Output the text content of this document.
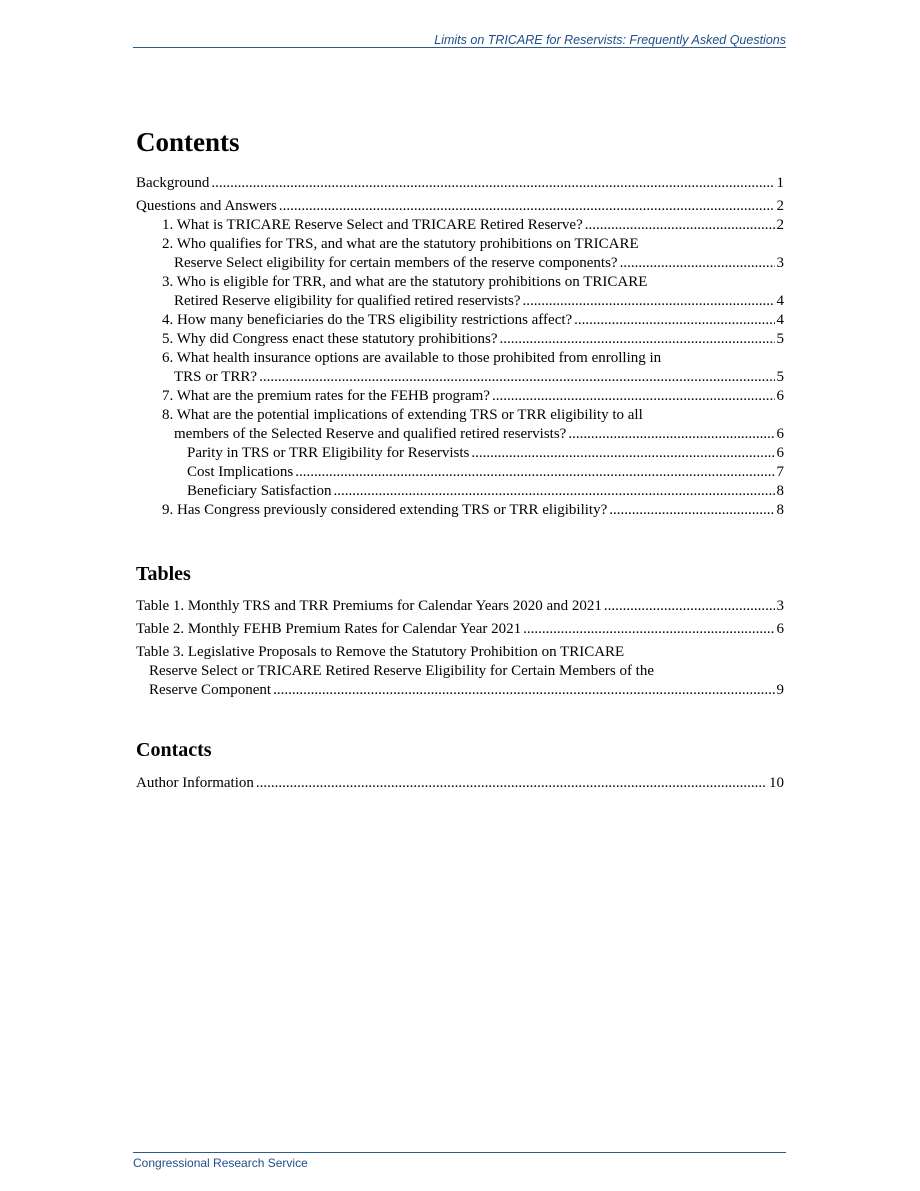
Limits on TRICARE for Reservists: Frequently Asked Questions
Contents
Background .....	1
Questions and Answers .....	2
1. What is TRICARE Reserve Select and TRICARE Retired Reserve? .....	2
2. Who qualifies for TRS, and what are the statutory prohibitions on TRICARE
Reserve Select eligibility for certain members of the reserve components? .....	3
3. Who is eligible for TRR, and what are the statutory prohibitions on TRICARE
Retired Reserve eligibility for qualified retired reservists? .....	4
4. How many beneficiaries do the TRS eligibility restrictions affect? .....	4
5. Why did Congress enact these statutory prohibitions? .....	5
6. What health insurance options are available to those prohibited from enrolling in
TRS or TRR? .....	5
7. What are the premium rates for the FEHB program? .....	6
8. What are the potential implications of extending TRS or TRR eligibility to all
members of the Selected Reserve and qualified retired reservists? .....	6
Parity in TRS or TRR Eligibility for Reservists .....	6
Cost Implications .....	7
Beneficiary Satisfaction .....	8
9. Has Congress previously considered extending TRS or TRR eligibility? .....	8
Tables
Table 1. Monthly TRS and TRR Premiums for Calendar Years 2020 and 2021 .....	3
Table 2. Monthly FEHB Premium Rates for Calendar Year 2021 .....	6
Table 3. Legislative Proposals to Remove the Statutory Prohibition on TRICARE
Reserve Select or TRICARE Retired Reserve Eligibility for Certain Members of the
Reserve Component .....	9
Contacts
Author Information .....	10
Congressional Research Service
